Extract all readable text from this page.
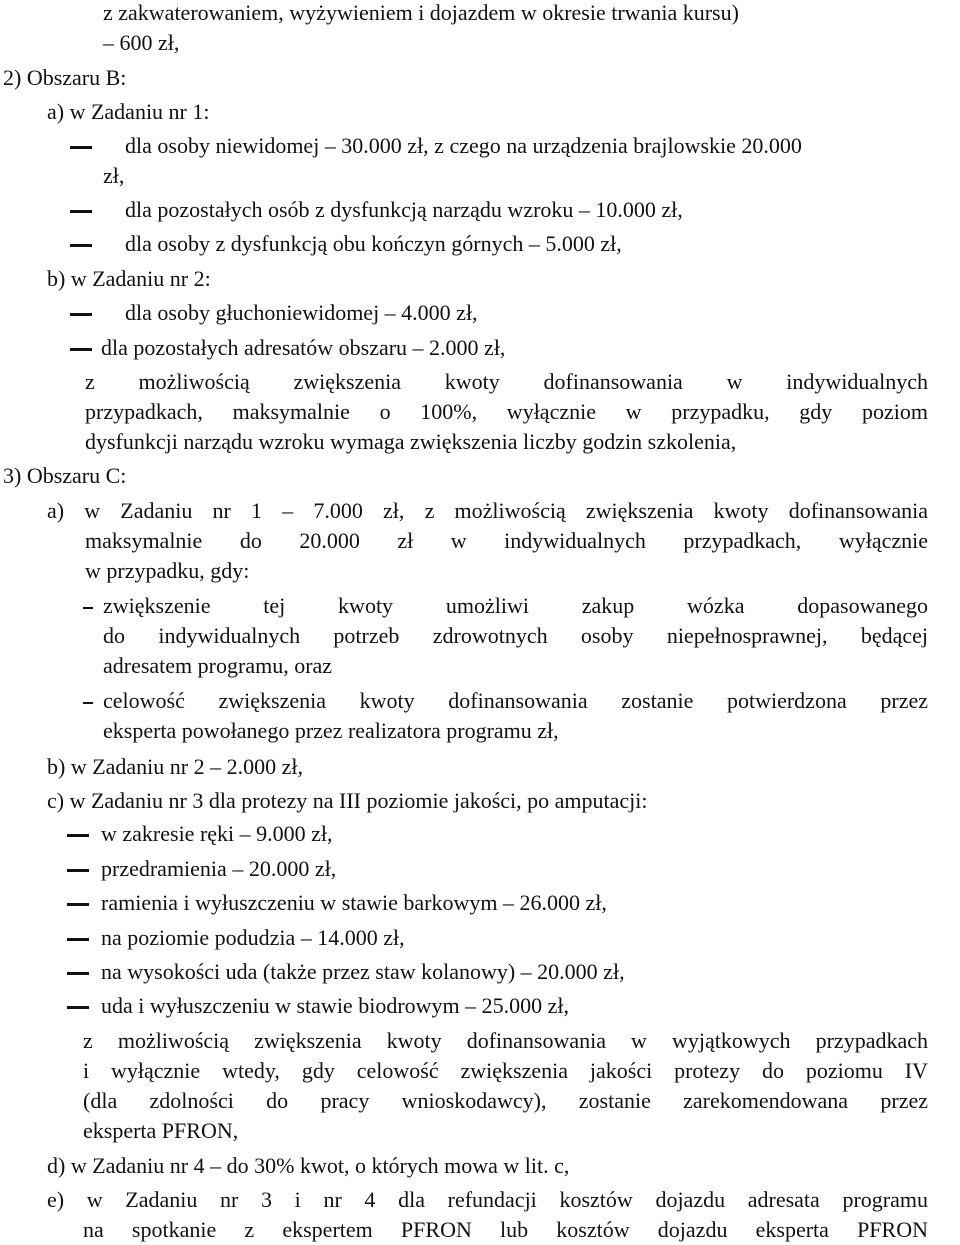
z zakwaterowaniem, wyżywieniem i dojazdem w okresie trwania kursu)
– 600 zł,
2) Obszaru B:
a) w Zadaniu nr 1:
dla osoby niewidomej – 30.000 zł, z czego na urządzenia brajlowskie 20.000
zł,
dla pozostałych osób z dysfunkcją narządu wzroku – 10.000 zł,
dla osoby z dysfunkcją obu kończyn górnych – 5.000 zł,
b) w Zadaniu nr 2:
dla osoby głuchoniewidomej – 4.000 zł,
dla pozostałych adresatów obszaru – 2.000 zł,
z możliwością zwiększenia kwoty dofinansowania w indywidualnych
przypadkach, maksymalnie o 100%, wyłącznie w przypadku, gdy poziom
dysfunkcji narządu wzroku wymaga zwiększenia liczby godzin szkolenia,
3) Obszaru C:
a) w Zadaniu nr 1 – 7.000 zł, z możliwością zwiększenia kwoty dofinansowania
maksymalnie do 20.000 zł w indywidualnych przypadkach, wyłącznie
w przypadku, gdy:
zwiększenie tej kwoty umożliwi zakup wózka dopasowanego
do indywidualnych potrzeb zdrowotnych osoby niepełnosprawnej, będącej
adresatem programu, oraz
celowość zwiększenia kwoty dofinansowania zostanie potwierdzona przez
eksperta powołanego przez realizatora programu zł,
b) w Zadaniu nr 2 – 2.000 zł,
c) w Zadaniu nr 3 dla protezy na III poziomie jakości, po amputacji:
w zakresie ręki – 9.000 zł,
przedramienia – 20.000 zł,
ramienia i wyłuszczeniu w stawie barkowym – 26.000 zł,
na poziomie podudzia – 14.000 zł,
na wysokości uda (także przez staw kolanowy) – 20.000 zł,
uda i wyłuszczeniu w stawie biodrowym – 25.000 zł,
z możliwością zwiększenia kwoty dofinansowania w wyjątkowych przypadkach
i wyłącznie wtedy, gdy celowość zwiększenia jakości protezy do poziomu IV
(dla zdolności do pracy wnioskodawcy), zostanie zarekomendowana przez
eksperta PFRON,
d) w Zadaniu nr 4 – do 30% kwot, o których mowa w lit. c,
e) w Zadaniu nr 3 i nr 4 dla refundacji kosztów dojazdu adresata programu
na spotkanie z ekspertem PFRON lub kosztów dojazdu eksperta PFRON
